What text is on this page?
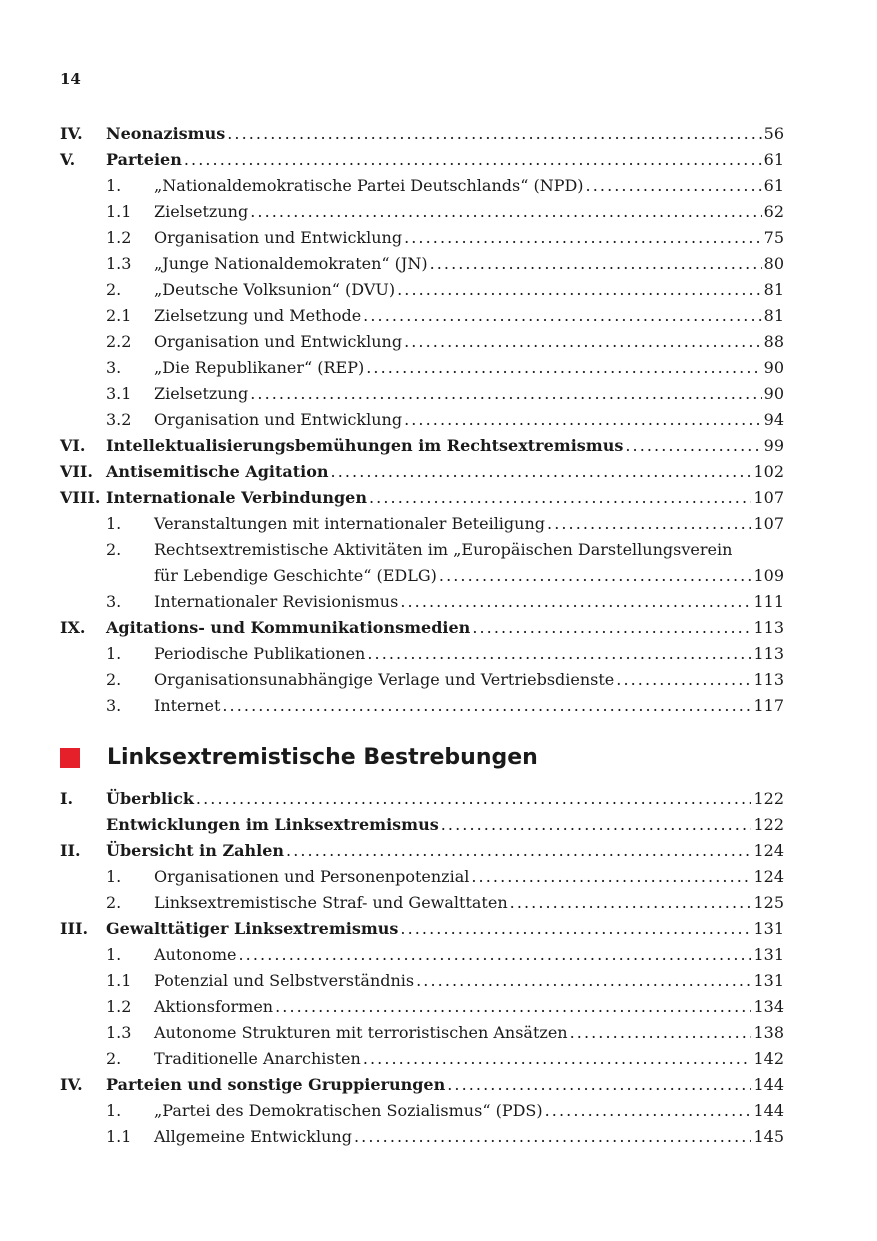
14
IV.	Neonazismus . . .	56
V.	Parteien . . .	61
1.	„Nationaldemokratische Partei Deutschlands“ (NPD) . . .	61
1.1	Zielsetzung . . .	62
1.2	Organisation und Entwicklung . . .	75
1.3	„Junge Nationaldemokraten“ (JN) . . .	80
2.	„Deutsche Volksunion“ (DVU) . . .	81
2.1	Zielsetzung und Methode . . .	81
2.2	Organisation und Entwicklung . . .	88
3.	„Die Republikaner“ (REP) . . .	90
3.1	Zielsetzung . . .	90
3.2	Organisation und Entwicklung . . .	94
VI.	Intellektualisierungsbemühungen im Rechtsextremismus . . .	99
VII. Antisemitische Agitation . . .	102
VIII. Internationale Verbindungen . . .	107
1.	Veranstaltungen mit internationaler Beteiligung . . .	107
2.	Rechtsextremistische Aktivitäten im „Europäischen Darstellungsverein
für Lebendige Geschichte“ (EDLG) . . .	109
3.	Internationaler Revisionismus . . .	111
IX.	Agitations- und Kommunikationsmedien . . .	113
1.	Periodische Publikationen . . .	113
2.	Organisationsunabhängige Verlage und Vertriebsdienste . . .	113
3.	Internet . . .	117
Linksextremistische Bestrebungen
I.	Überblick . . .	122
Entwicklungen im Linksextremismus . . .	122
II.	Übersicht in Zahlen . . .	124
1.	Organisationen und Personenpotenzial . . .	124
2.	Linksextremistische Straf- und Gewalttaten . . .	125
III.	Gewalttätiger Linksextremismus . . .	131
1.	Autonome . . .	131
1.1	Potenzial und Selbstverständnis . . .	131
1.2	Aktionsformen . . .	134
1.3	Autonome Strukturen mit terroristischen Ansätzen . . .	138
2.	Traditionelle Anarchisten . . .	142
IV.	Parteien und sonstige Gruppierungen . . .	144
1.	„Partei des Demokratischen Sozialismus“ (PDS) . . .	144
1.1	Allgemeine Entwicklung . . .	145
